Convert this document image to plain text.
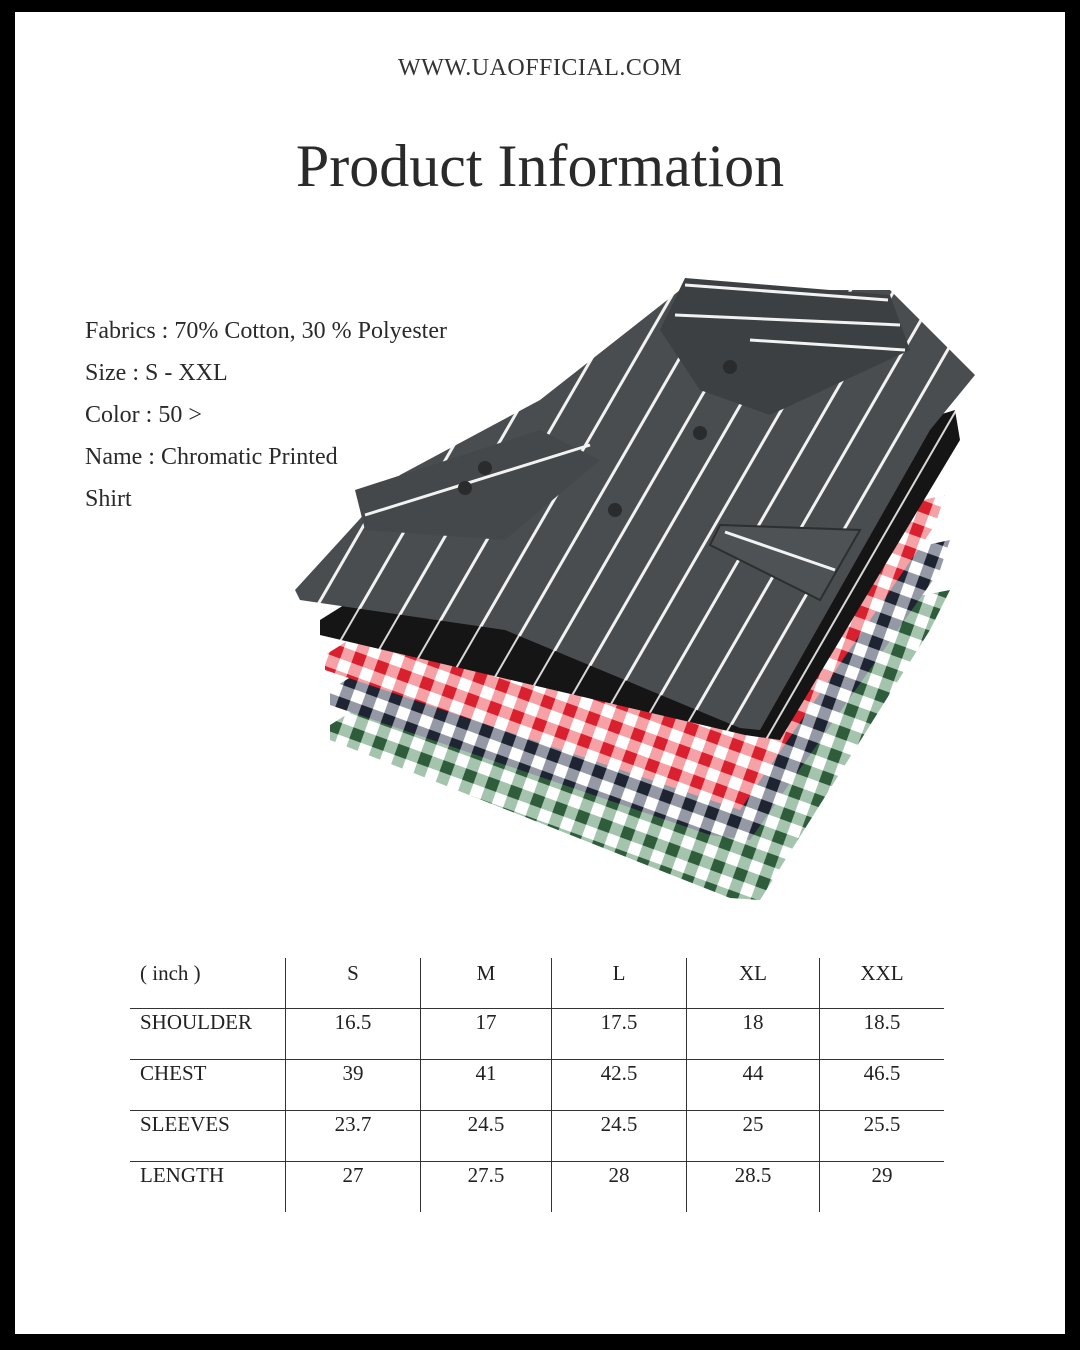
WWW.UAOFFICIAL.COM
Product Information
Fabrics : 70% Cotton, 30 % Polyester
Size : S - XXL
Color : 50 >
Name : Chromatic Printed
Shirt
( inch )	S	M	L	XL	XXL

SHOULDER	16.5	17	17.5	18	18.5

CHEST	39	41	42.5	44	46.5

SLEEVES	23.7	24.5	24.5	25	25.5

LENGTH	27	27.5	28	28.5	29
